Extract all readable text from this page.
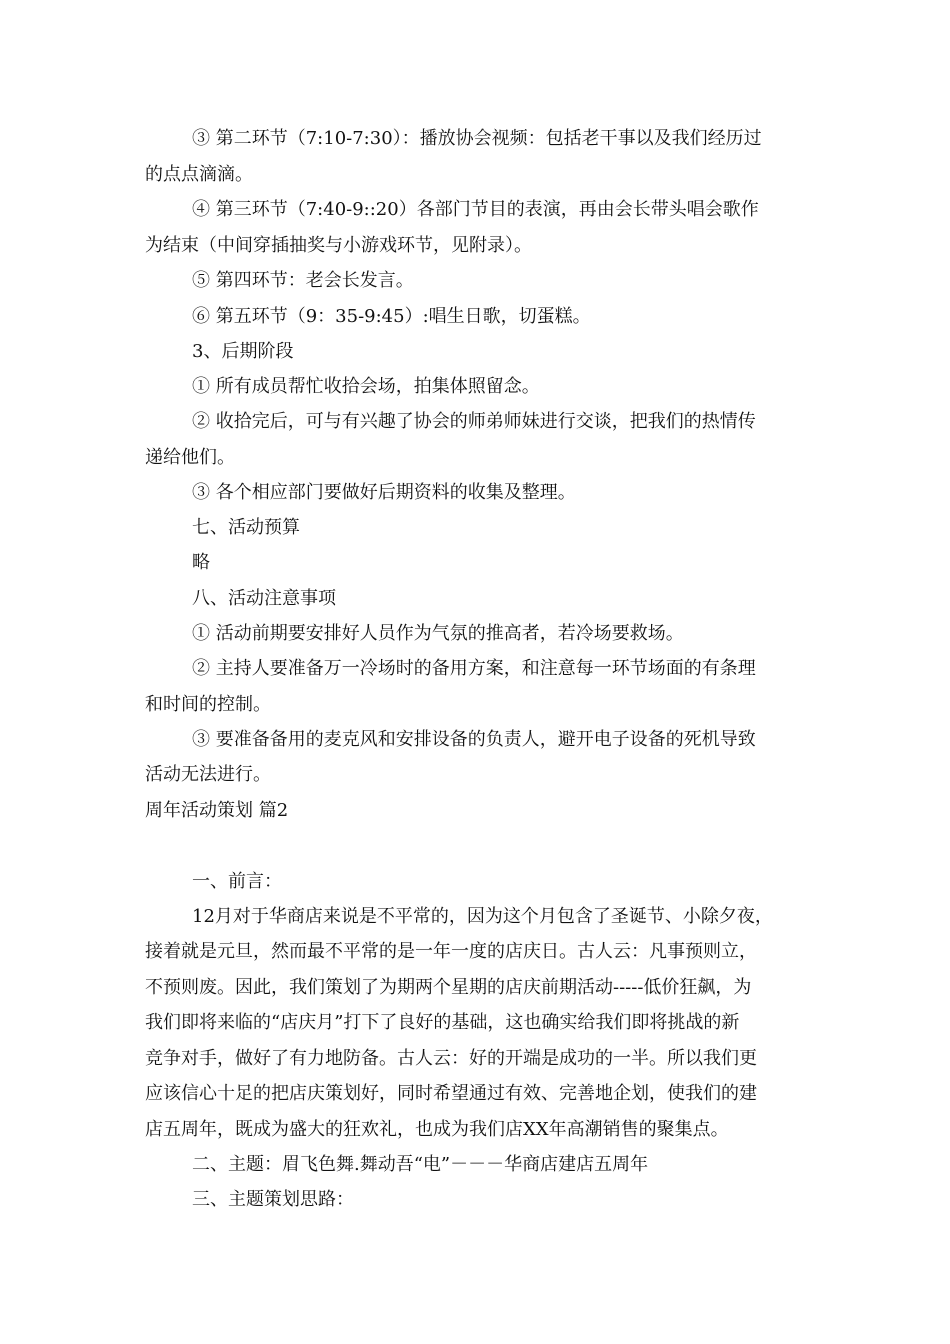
③ 第二环节（7:10-7:30）：播放协会视频：包括老干事以及我们经历过
的点点滴滴。
④ 第三环节（7:40-9::20）各部门节目的表演，再由会长带头唱会歌作
为结束（中间穿插抽奖与小游戏环节，见附录）。
⑤ 第四环节：老会长发言。
⑥ 第五环节（9：35-9:45）:唱生日歌，切蛋糕。
3、后期阶段
① 所有成员帮忙收拾会场，拍集体照留念。
② 收拾完后，可与有兴趣了协会的师弟师妹进行交谈，把我们的热情传
递给他们。
③ 各个相应部门要做好后期资料的收集及整理。
七、活动预算
略
八、活动注意事项
① 活动前期要安排好人员作为气氛的推高者，若冷场要救场。
② 主持人要准备万一冷场时的备用方案，和注意每一环节场面的有条理
和时间的控制。
③ 要准备备用的麦克风和安排设备的负责人，避开电子设备的死机导致
活动无法进行。
周年活动策划 篇2
一、前言：
12月对于华商店来说是不平常的，因为这个月包含了圣诞节、小除夕夜，
接着就是元旦，然而最不平常的是一年一度的店庆日。古人云：凡事预则立，
不预则废。因此，我们策划了为期两个星期的店庆前期活动-----低价狂飙，为
我们即将来临的“店庆月”打下了良好的基础，这也确实给我们即将挑战的新
竞争对手，做好了有力地防备。古人云：好的开端是成功的一半。所以我们更
应该信心十足的把店庆策划好，同时希望通过有效、完善地企划，使我们的建
店五周年，既成为盛大的狂欢礼，也成为我们店XX年高潮销售的聚集点。
二、主题：眉飞色舞.舞动吾“电”－－－华商店建店五周年
三、主题策划思路：
